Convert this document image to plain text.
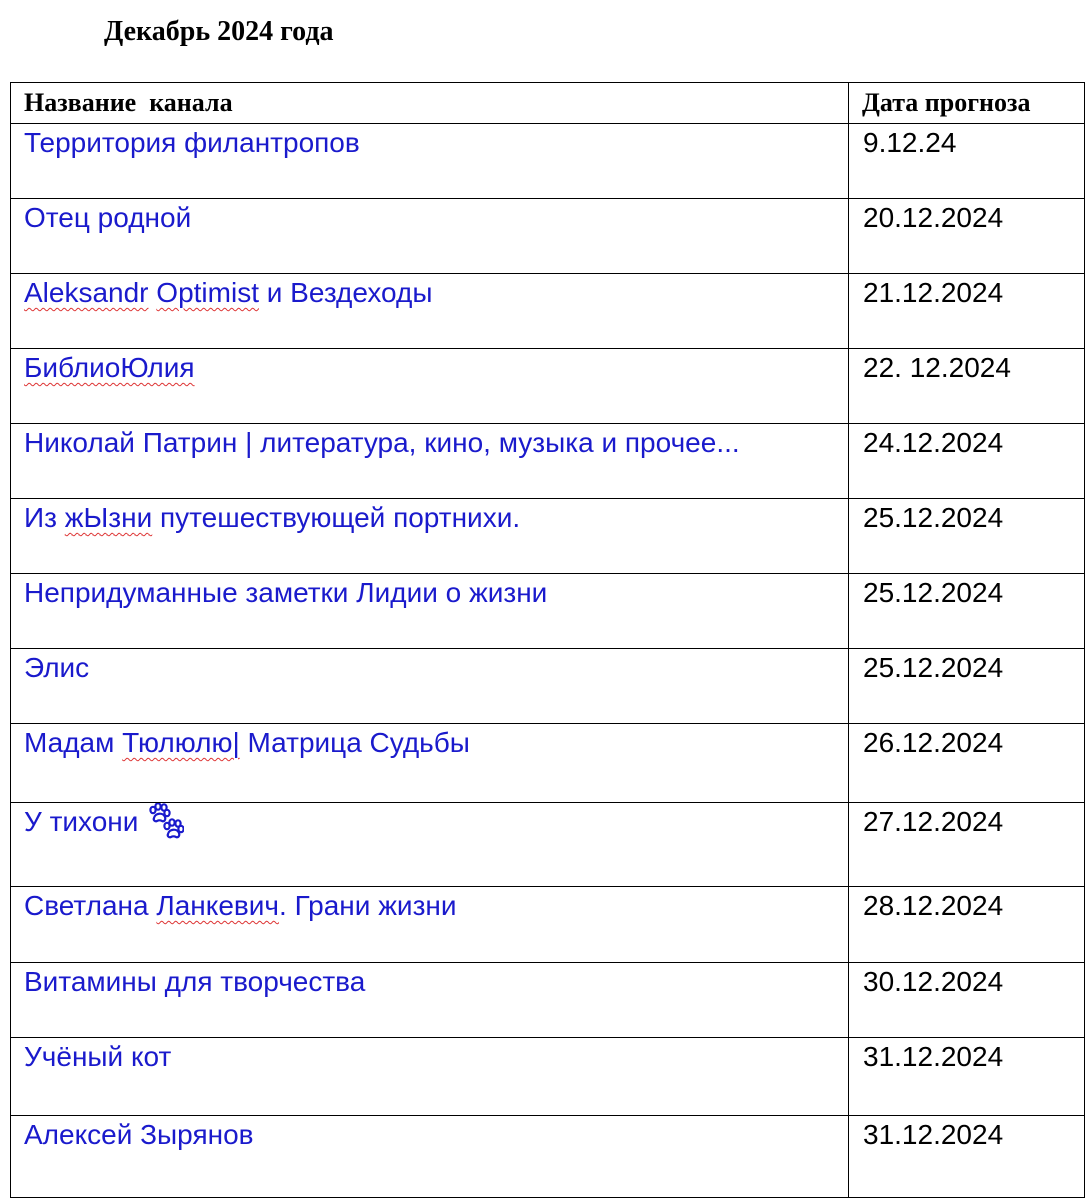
Декабрь 2024 года
Название  канала	Дата прогноза
Территория филантропов	9.12.24
Отец родной	20.12.2024
Aleksandr Optimist и Вездеходы	21.12.2024
БиблиоЮлия	22. 12.2024
Николай Патрин | литература, кино, музыка и прочее...	24.12.2024
Из жЫзни путешествующей портнихи.	25.12.2024
Непридуманные заметки Лидии о жизни	25.12.2024
Элис	25.12.2024
Мадам Тюлюлю| Матрица Судьбы	26.12.2024
У тихони	27.12.2024
Светлана Ланкевич. Грани жизни	28.12.2024
Витамины для творчества	30.12.2024
Учёный кот	31.12.2024
Алексей Зырянов	31.12.2024
